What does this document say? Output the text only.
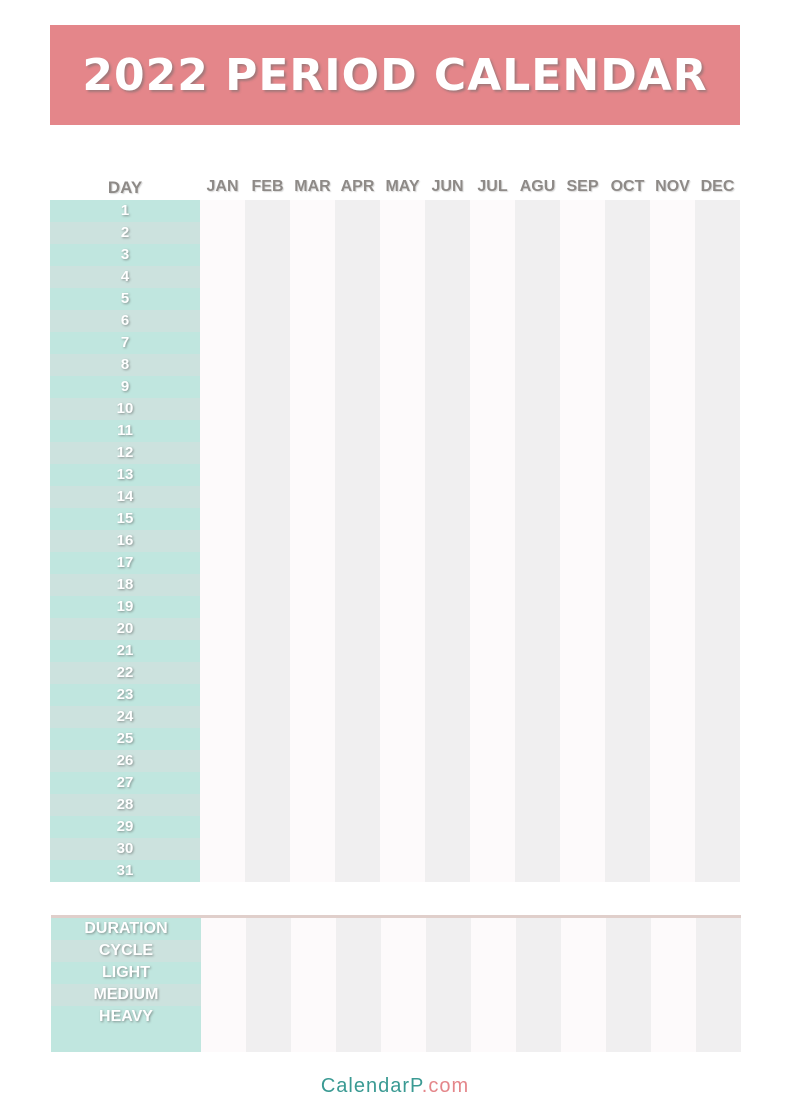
2022 PERIOD CALENDAR
DAY	JAN FEB MAR APR MAY JUN JUL AGU SEP OCT NOV DEC
1
2
3
4
5
6
7
8
9
10
11
12
13
14
15
16
17
18
19
20
21
22
23
24
25
26
27
28
29
30
31
DURATION
CYCLE
LIGHT
MEDIUM
HEAVY
CalendarP.com
